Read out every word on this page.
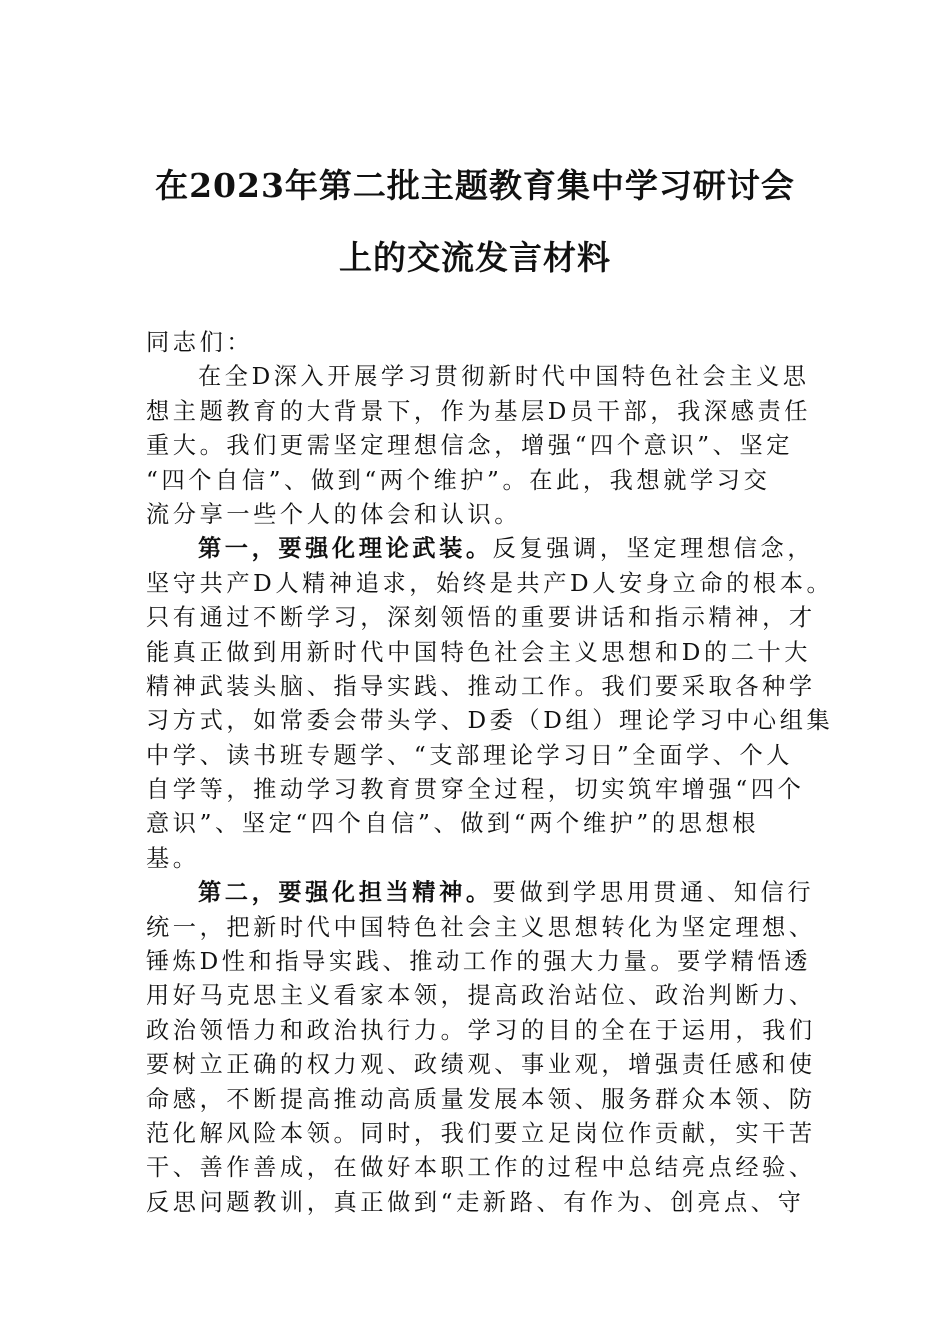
在2023年第二批主题教育集中学习研讨会
上的交流发言材料
同志们：
在全D深入开展学习贯彻新时代中国特色社会主义思
想主题教育的大背景下，作为基层D员干部，我深感责任
重大。我们更需坚定理想信念，增强“四个意识”、坚定
“四个自信”、做到“两个维护”。在此，我想就学习交
流分享一些个人的体会和认识。
第一，要强化理论武装。反复强调，坚定理想信念，
坚守共产D人精神追求，始终是共产D人安身立命的根本。
只有通过不断学习，深刻领悟的重要讲话和指示精神，才
能真正做到用新时代中国特色社会主义思想和D的二十大
精神武装头脑、指导实践、推动工作。我们要采取各种学
习方式，如常委会带头学、D委（D组）理论学习中心组集
中学、读书班专题学、“支部理论学习日”全面学、个人
自学等，推动学习教育贯穿全过程，切实筑牢增强“四个
意识”、坚定“四个自信”、做到“两个维护”的思想根
基。
第二，要强化担当精神。要做到学思用贯通、知信行
统一，把新时代中国特色社会主义思想转化为坚定理想、
锤炼D性和指导实践、推动工作的强大力量。要学精悟透
用好马克思主义看家本领，提高政治站位、政治判断力、
政治领悟力和政治执行力。学习的目的全在于运用，我们
要树立正确的权力观、政绩观、事业观，增强责任感和使
命感，不断提高推动高质量发展本领、服务群众本领、防
范化解风险本领。同时，我们要立足岗位作贡献，实干苦
干、善作善成，在做好本职工作的过程中总结亮点经验、
反思问题教训，真正做到“走新路、有作为、创亮点、守
